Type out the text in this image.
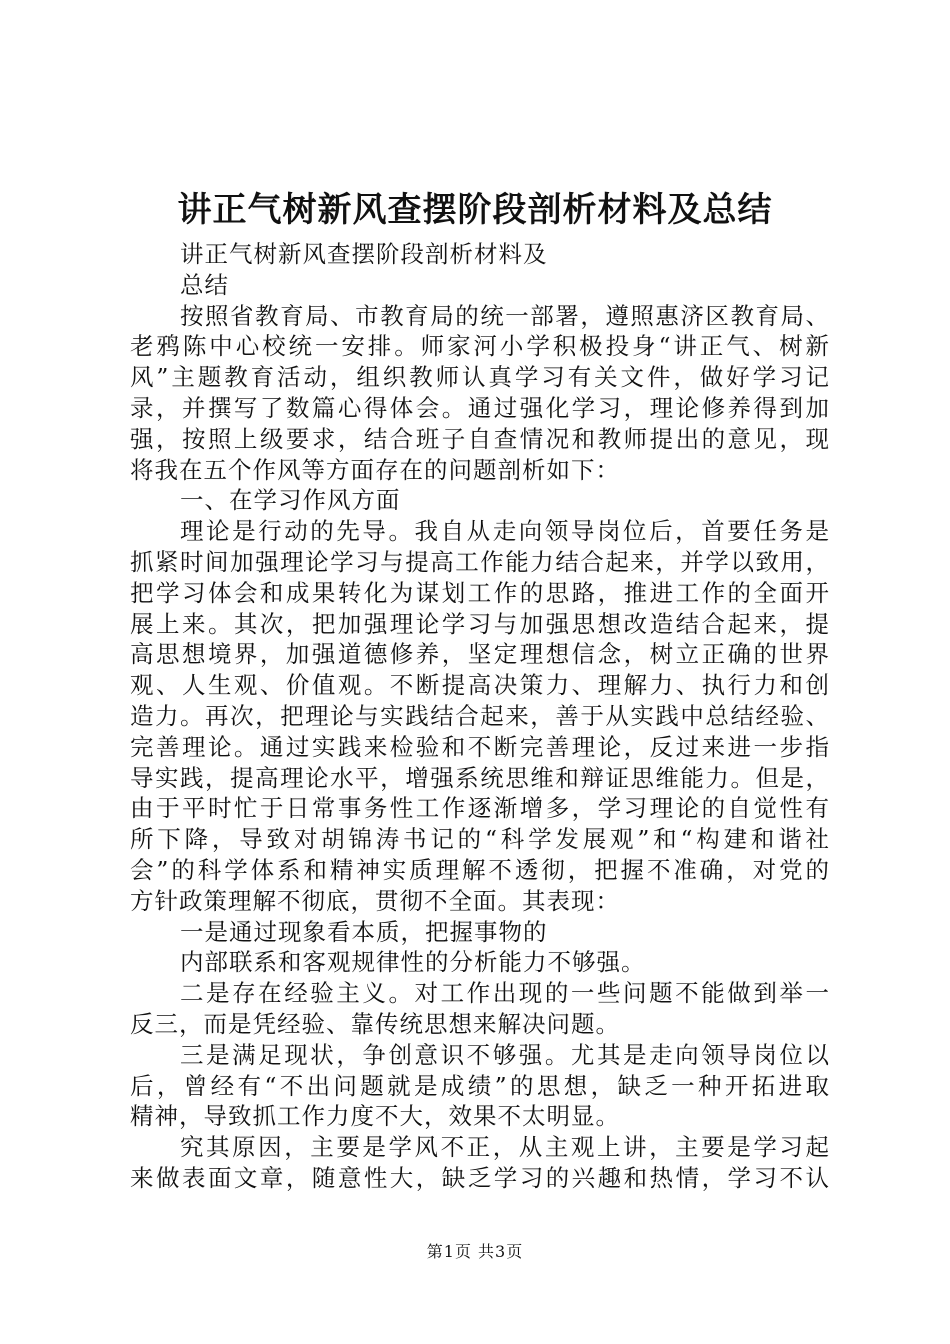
讲正气树新风查摆阶段剖析材料及总结
讲正气树新风查摆阶段剖析材料及
总结
按照省教育局、市教育局的统一部署，遵照惠济区教育局、
老鸦陈中心校统一安排。师家河小学积极投身“讲正气、树新
风”主题教育活动，组织教师认真学习有关文件，做好学习记
录，并撰写了数篇心得体会。通过强化学习，理论修养得到加
强，按照上级要求，结合班子自查情况和教师提出的意见，现
将我在五个作风等方面存在的问题剖析如下：
一、在学习作风方面
理论是行动的先导。我自从走向领导岗位后，首要任务是
抓紧时间加强理论学习与提高工作能力结合起来，并学以致用，
把学习体会和成果转化为谋划工作的思路，推进工作的全面开
展上来。其次，把加强理论学习与加强思想改造结合起来，提
高思想境界，加强道德修养，坚定理想信念，树立正确的世界
观、人生观、价值观。不断提高决策力、理解力、执行力和创
造力。再次，把理论与实践结合起来，善于从实践中总结经验、
完善理论。通过实践来检验和不断完善理论，反过来进一步指
导实践，提高理论水平，增强系统思维和辩证思维能力。但是，
由于平时忙于日常事务性工作逐渐增多，学习理论的自觉性有
所下降，导致对胡锦涛书记的“科学发展观”和“构建和谐社
会”的科学体系和精神实质理解不透彻，把握不准确，对党的
方针政策理解不彻底，贯彻不全面。其表现：
一是通过现象看本质，把握事物的
内部联系和客观规律性的分析能力不够强。
二是存在经验主义。对工作出现的一些问题不能做到举一
反三，而是凭经验、靠传统思想来解决问题。
三是满足现状，争创意识不够强。尤其是走向领导岗位以
后，曾经有“不出问题就是成绩”的思想，缺乏一种开拓进取
精神，导致抓工作力度不大，效果不太明显。
究其原因，主要是学风不正，从主观上讲，主要是学习起
来做表面文章，随意性大，缺乏学习的兴趣和热情，学习不认
第1页 共3页
